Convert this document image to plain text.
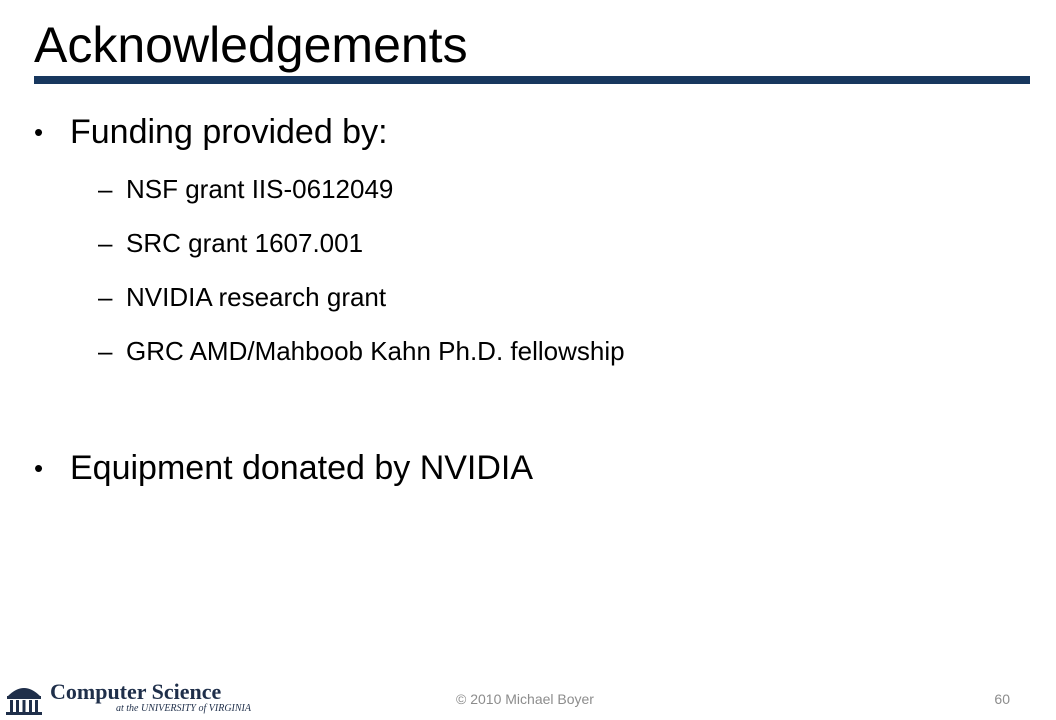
Acknowledgements
• Funding provided by:
– NSF grant IIS-0612049
– SRC grant 1607.001
– NVIDIA research grant
– GRC AMD/Mahboob Kahn Ph.D. fellowship
• Equipment donated by NVIDIA
Computer Science
at the UNIVERSITY of VIRGINIA
© 2010 Michael Boyer	60
